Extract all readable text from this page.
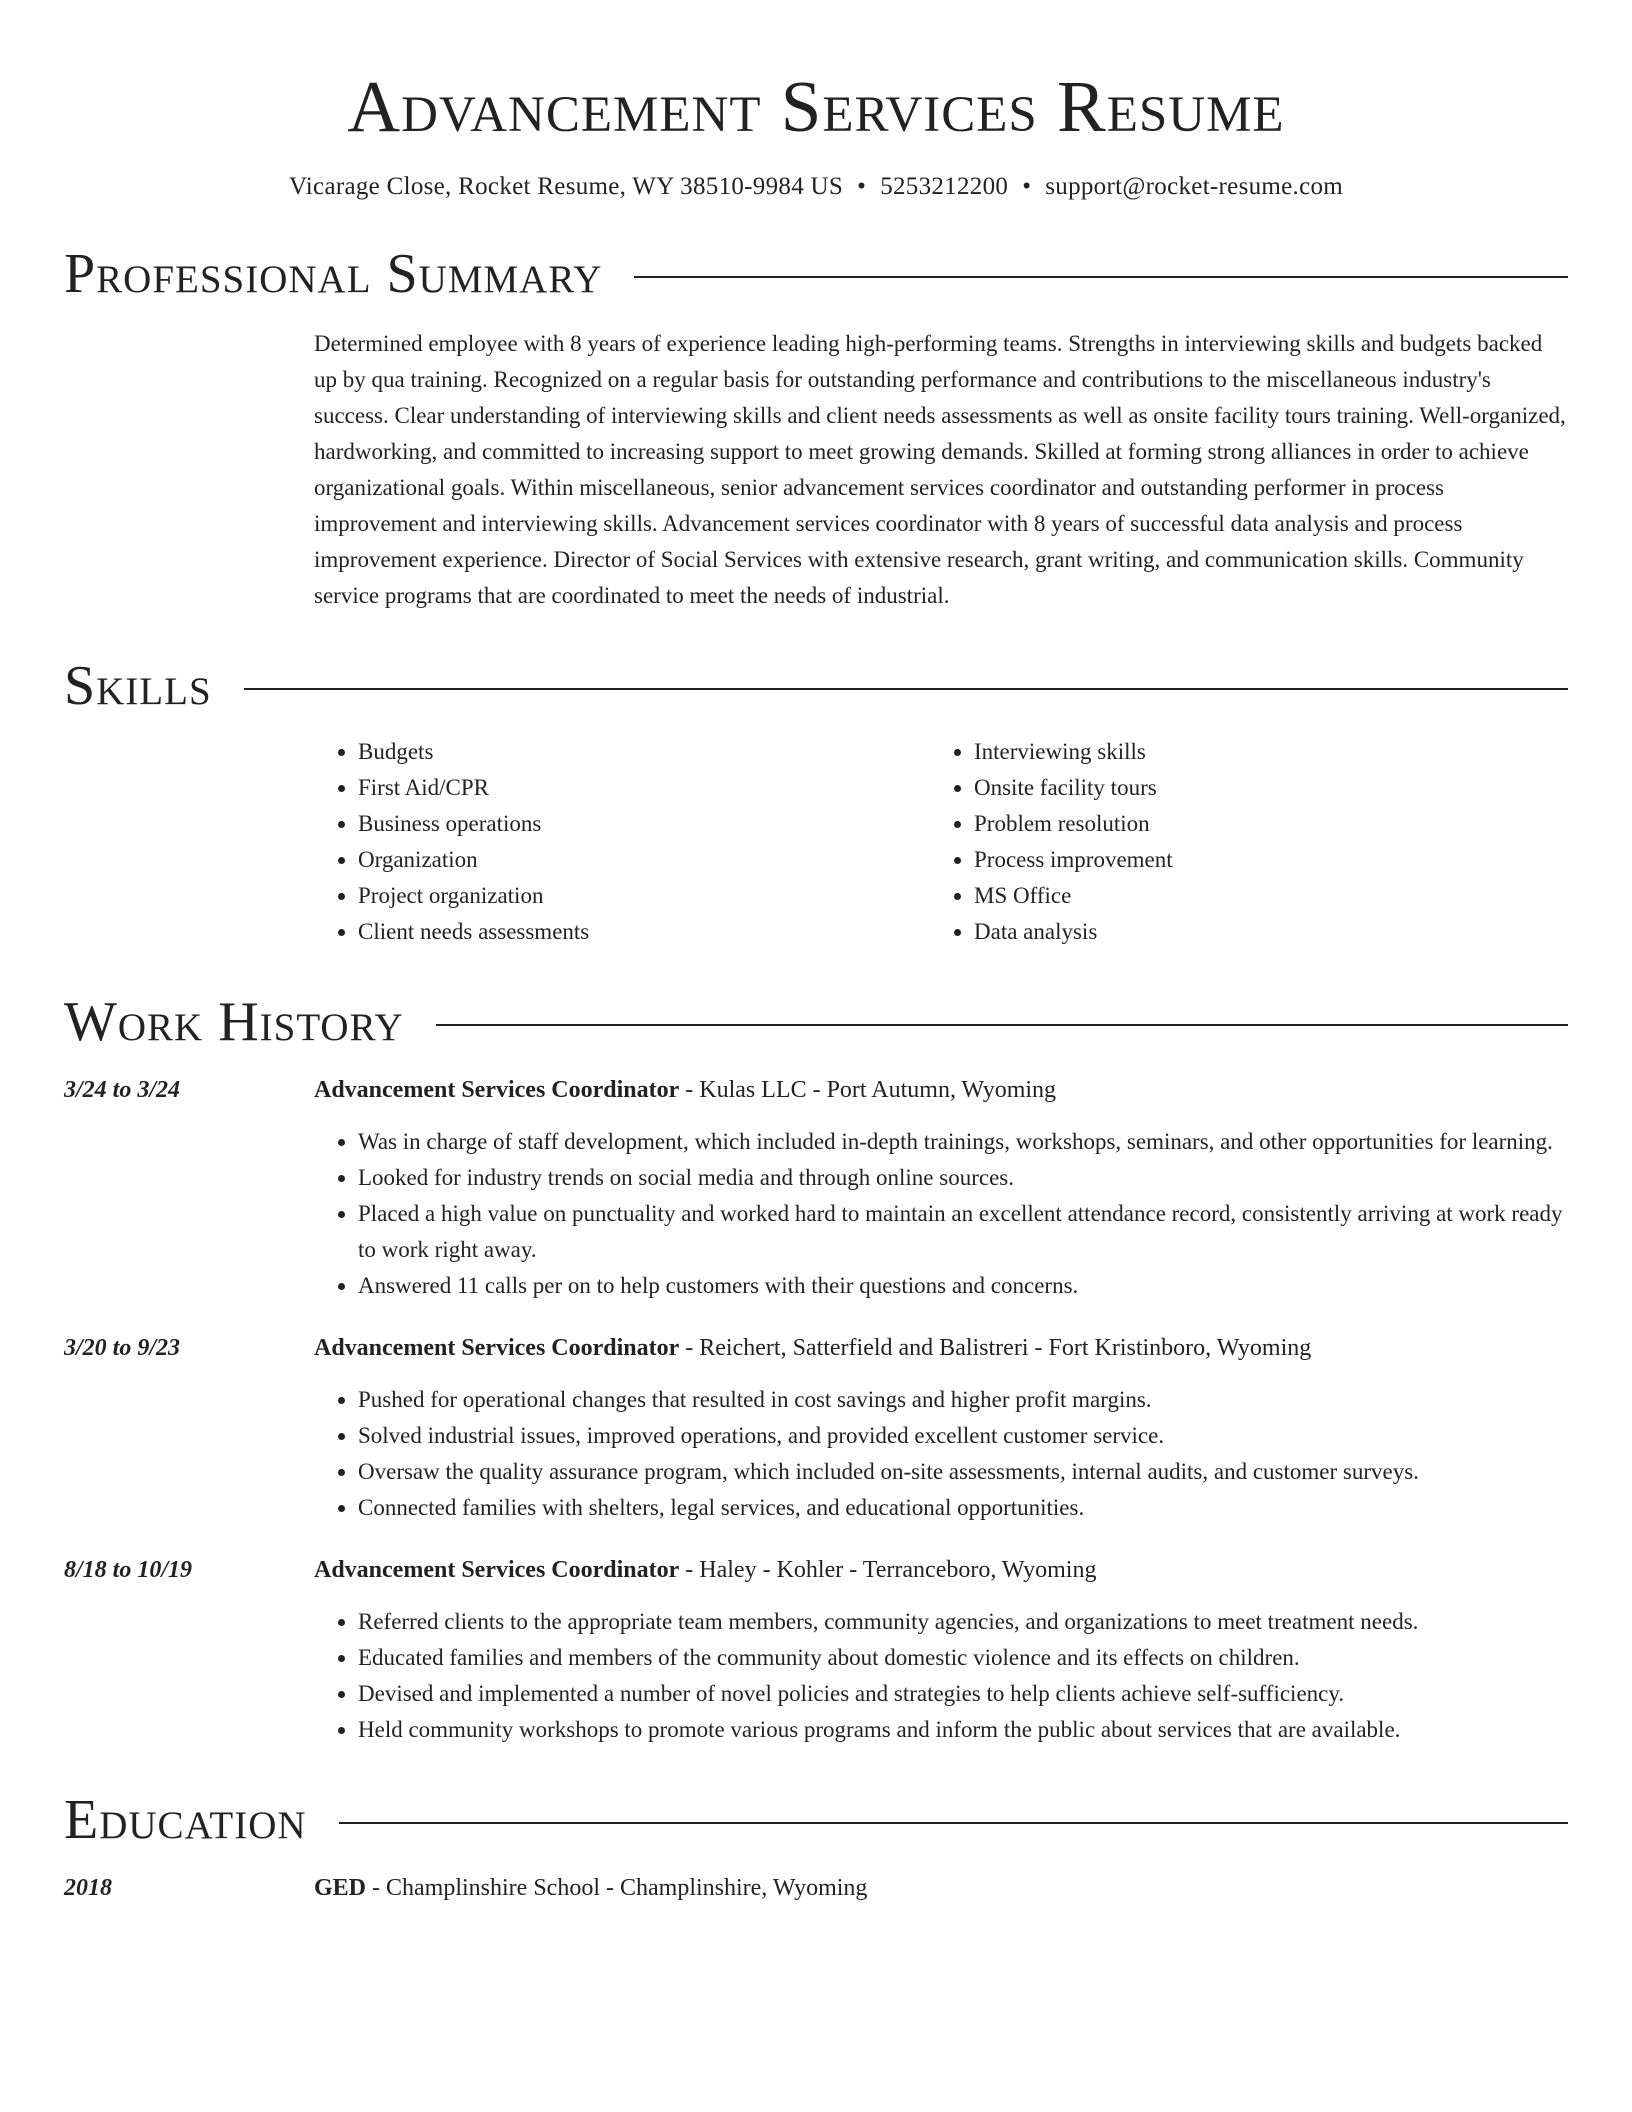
Advancement Services Resume
Vicarage Close, Rocket Resume, WY 38510-9984 US • 5253212200 • support@rocket-resume.com
Professional Summary
Determined employee with 8 years of experience leading high-performing teams. Strengths in interviewing skills and budgets backed up by qua training. Recognized on a regular basis for outstanding performance and contributions to the miscellaneous industry's success. Clear understanding of interviewing skills and client needs assessments as well as onsite facility tours training. Well-organized, hardworking, and committed to increasing support to meet growing demands. Skilled at forming strong alliances in order to achieve organizational goals. Within miscellaneous, senior advancement services coordinator and outstanding performer in process improvement and interviewing skills. Advancement services coordinator with 8 years of successful data analysis and process improvement experience. Director of Social Services with extensive research, grant writing, and communication skills. Community service programs that are coordinated to meet the needs of industrial.
Skills
• Budgets
• First Aid/CPR
• Business operations
• Organization
• Project organization
• Client needs assessments
• Interviewing skills
• Onsite facility tours
• Problem resolution
• Process improvement
• MS Office
• Data analysis
Work History
3/24 to 3/24	Advancement Services Coordinator - Kulas LLC - Port Autumn, Wyoming
• Was in charge of staff development, which included in-depth trainings, workshops, seminars, and other opportunities for learning.
• Looked for industry trends on social media and through online sources.
• Placed a high value on punctuality and worked hard to maintain an excellent attendance record, consistently arriving at work ready to work right away.
• Answered 11 calls per on to help customers with their questions and concerns.
3/20 to 9/23	Advancement Services Coordinator - Reichert, Satterfield and Balistreri - Fort Kristinboro, Wyoming
• Pushed for operational changes that resulted in cost savings and higher profit margins.
• Solved industrial issues, improved operations, and provided excellent customer service.
• Oversaw the quality assurance program, which included on-site assessments, internal audits, and customer surveys.
• Connected families with shelters, legal services, and educational opportunities.
8/18 to 10/19	Advancement Services Coordinator - Haley - Kohler - Terranceboro, Wyoming
• Referred clients to the appropriate team members, community agencies, and organizations to meet treatment needs.
• Educated families and members of the community about domestic violence and its effects on children.
• Devised and implemented a number of novel policies and strategies to help clients achieve self-sufficiency.
• Held community workshops to promote various programs and inform the public about services that are available.
Education
2018	GED - Champlinshire School - Champlinshire, Wyoming
